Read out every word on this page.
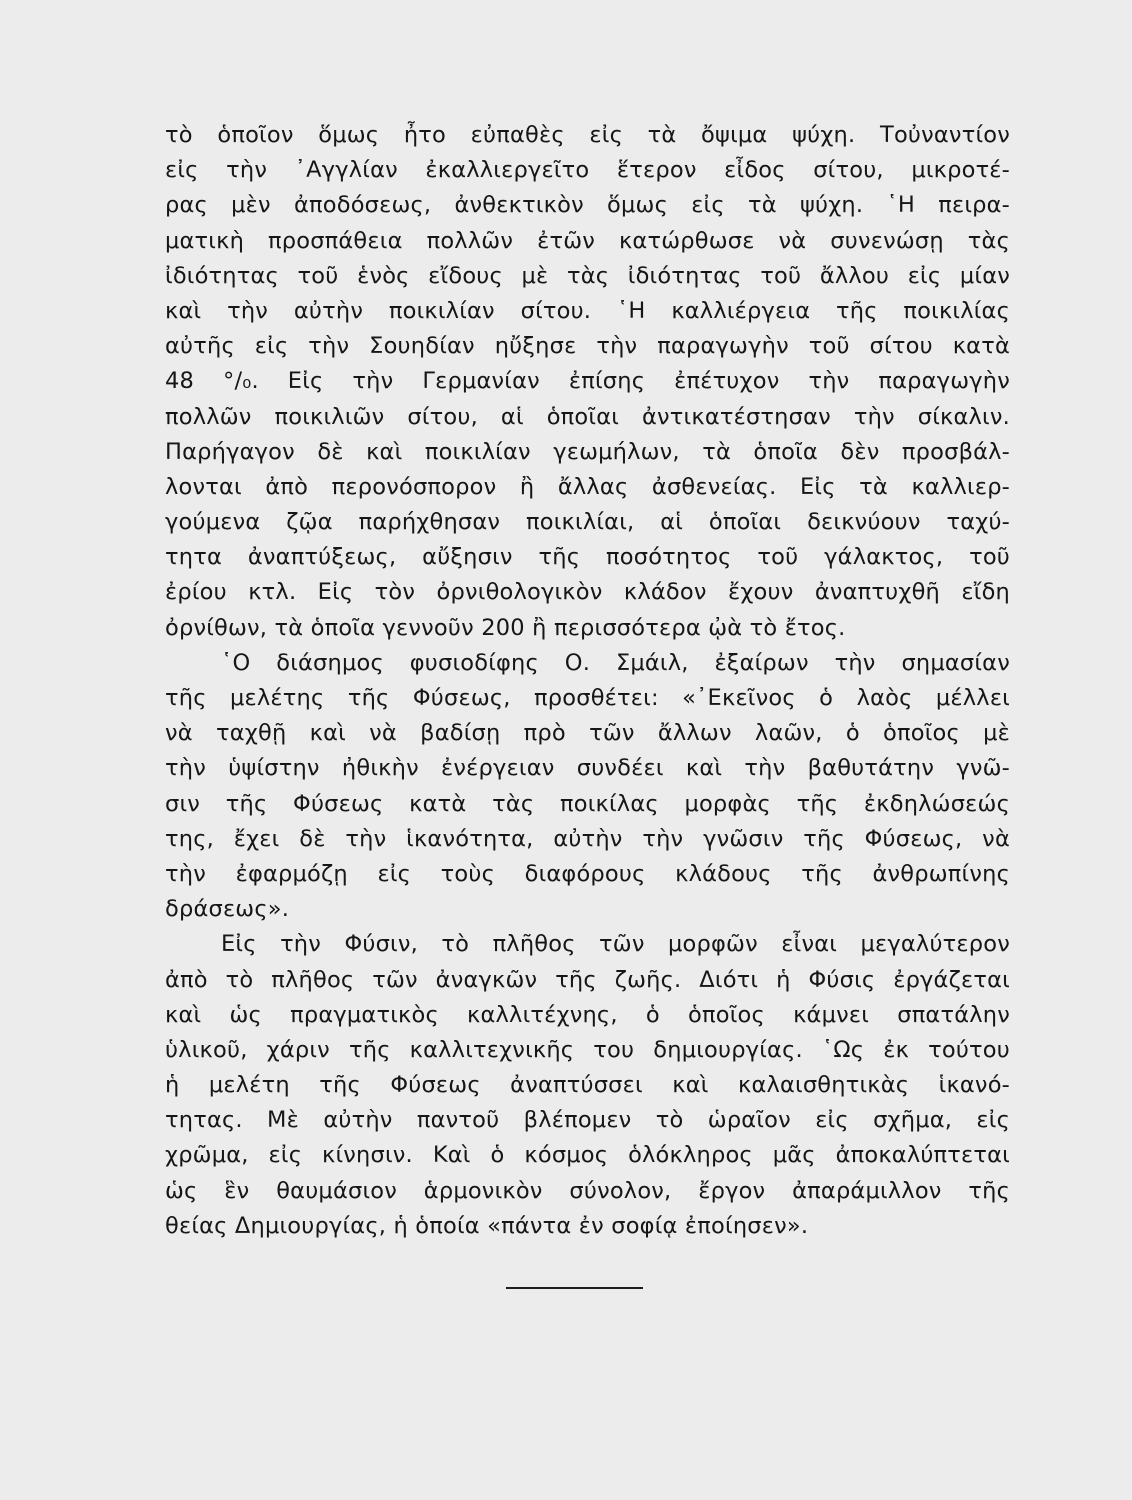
τὸ ὁποῖον ὅμως ἦτο εὐπαθὲς εἰς τὰ ὄψιμα ψύχη. Τοὐναντίον
εἰς τὴν ᾿Αγγλίαν ἐκαλλιεργεῖτο ἕτερον εἶδος σίτου, μικροτέ-
ρας μὲν ἀποδόσεως, ἀνθεκτικὸν ὅμως εἰς τὰ ψύχη. ῾Η πειρα-
ματικὴ προσπάθεια πολλῶν ἐτῶν κατώρθωσε νὰ συνενώσῃ τὰς
ἰδιότητας τοῦ ἑνὸς εἴδους μὲ τὰς ἰδιότητας τοῦ ἄλλου εἰς μίαν
καὶ τὴν αὐτὴν ποικιλίαν σίτου. ῾Η καλλιέργεια τῆς ποικιλίας
αὐτῆς εἰς τὴν Σουηδίαν ηὔξησε τὴν παραγωγὴν τοῦ σίτου κατὰ
48 °/₀. Εἰς τὴν Γερμανίαν ἐπίσης ἐπέτυχον τὴν παραγωγὴν
πολλῶν ποικιλιῶν σίτου, αἱ ὁποῖαι ἀντικατέστησαν τὴν σίκαλιν.
Παρήγαγον δὲ καὶ ποικιλίαν γεωμήλων, τὰ ὁποῖα δὲν προσβάλ-
λονται ἀπὸ περονόσπορον ἢ ἄλλας ἀσθενείας. Εἰς τὰ καλλιερ-
γούμενα ζῷα παρήχθησαν ποικιλίαι, αἱ ὁποῖαι δεικνύουν ταχύ-
τητα ἀναπτύξεως, αὔξησιν τῆς ποσότητος τοῦ γάλακτος, τοῦ
ἐρίου κτλ. Εἰς τὸν ὀρνιθολογικὸν κλάδον ἔχουν ἀναπτυχθῆ εἴδη
ὀρνίθων, τὰ ὁποῖα γεννοῦν 200 ἢ περισσότερα ᾠὰ τὸ ἔτος.
῾Ο διάσημος φυσιοδίφης Ο. Σμάιλ, ἐξαίρων τὴν σημασίαν
τῆς μελέτης τῆς Φύσεως, προσθέτει: «᾿Εκεῖνος ὁ λαὸς μέλλει
νὰ ταχθῇ καὶ νὰ βαδίσῃ πρὸ τῶν ἄλλων λαῶν, ὁ ὁποῖος μὲ
τὴν ὑψίστην ἠθικὴν ἐνέργειαν συνδέει καὶ τὴν βαθυτάτην γνῶ-
σιν τῆς Φύσεως κατὰ τὰς ποικίλας μορφὰς τῆς ἐκδηλώσεώς
της, ἔχει δὲ τὴν ἱκανότητα, αὐτὴν τὴν γνῶσιν τῆς Φύσεως, νὰ
τὴν ἐφαρμόζῃ εἰς τοὺς διαφόρους κλάδους τῆς ἀνθρωπίνης
δράσεως».
Εἰς τὴν Φύσιν, τὸ πλῆθος τῶν μορφῶν εἶναι μεγαλύτερον
ἀπὸ τὸ πλῆθος τῶν ἀναγκῶν τῆς ζωῆς. Διότι ἡ Φύσις ἐργάζεται
καὶ ὡς πραγματικὸς καλλιτέχνης, ὁ ὁποῖος κάμνει σπατάλην
ὑλικοῦ, χάριν τῆς καλλιτεχνικῆς του δημιουργίας. ῾Ως ἐκ τούτου
ἡ μελέτη τῆς Φύσεως ἀναπτύσσει καὶ καλαισθητικὰς ἱκανό-
τητας. Μὲ αὐτὴν παντοῦ βλέπομεν τὸ ὡραῖον εἰς σχῆμα, εἰς
χρῶμα, εἰς κίνησιν. Καὶ ὁ κόσμος ὁλόκληρος μᾶς ἀποκαλύπτεται
ὡς ἓν θαυμάσιον ἁρμονικὸν σύνολον, ἔργον ἀπαράμιλλον τῆς
θείας Δημιουργίας, ἡ ὁποία «πάντα ἐν σοφίᾳ ἐποίησεν».
